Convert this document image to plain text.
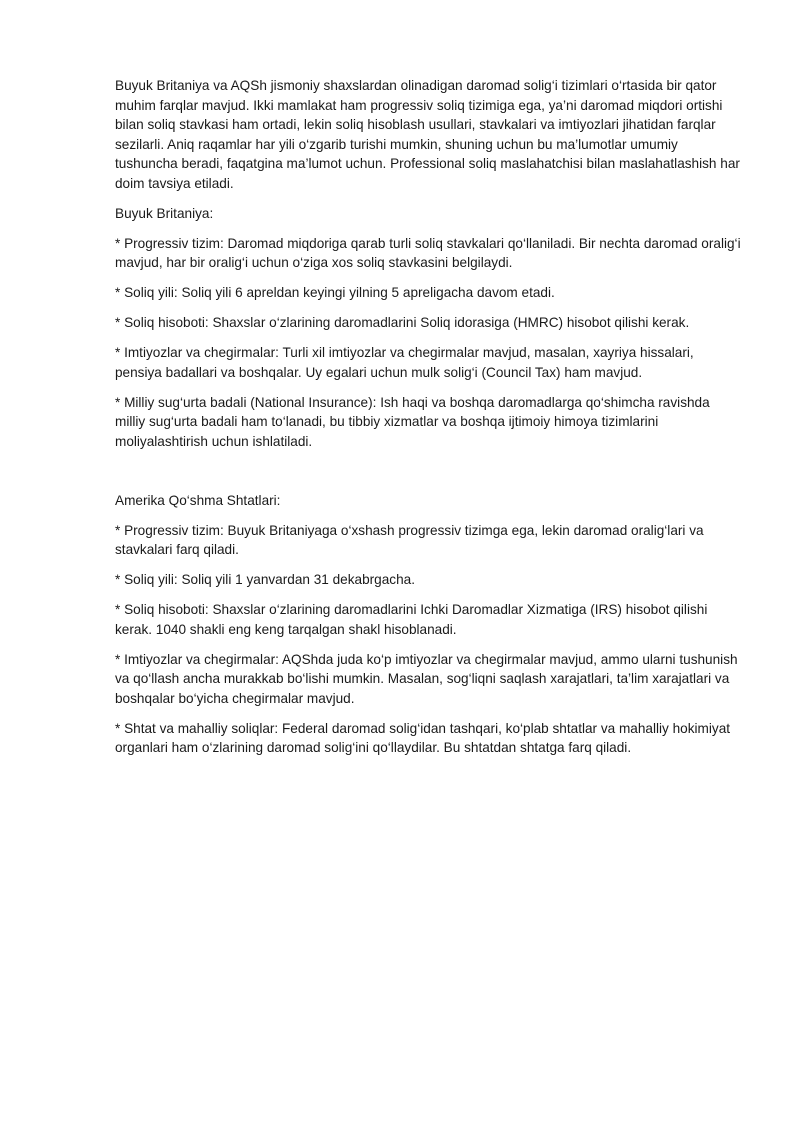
Buyuk Britaniya va AQSh jismoniy shaxslardan olinadigan daromad solig‘i tizimlari o‘rtasida bir qator muhim farqlar mavjud. Ikki mamlakat ham progressiv soliq tizimiga ega, ya’ni daromad miqdori ortishi bilan soliq stavkasi ham ortadi, lekin soliq hisoblash usullari, stavkalari va imtiyozlari jihatidan farqlar sezilarli. Aniq raqamlar har yili o‘zgarib turishi mumkin, shuning uchun bu ma’lumotlar umumiy tushuncha beradi, faqatgina ma’lumot uchun. Professional soliq maslahatchisi bilan maslahatlashish har doim tavsiya etiladi.

Buyuk Britaniya:

* Progressiv tizim: Daromad miqdoriga qarab turli soliq stavkalari qo‘llaniladi. Bir nechta daromad oralig‘i mavjud, har bir oralig‘i uchun o‘ziga xos soliq stavkasini belgilaydi.

* Soliq yili: Soliq yili 6 apreldan keyingi yilning 5 apreligacha davom etadi.

* Soliq hisoboti: Shaxslar o‘zlarining daromadlarini Soliq idorasiga (HMRC) hisobot qilishi kerak.

* Imtiyozlar va chegirmalar: Turli xil imtiyozlar va chegirmalar mavjud, masalan, xayriya hissalari, pensiya badallari va boshqalar. Uy egalari uchun mulk solig‘i (Council Tax) ham mavjud.

* Milliy sug‘urta badali (National Insurance): Ish haqi va boshqa daromadlarga qo‘shimcha ravishda milliy sug‘urta badali ham to‘lanadi, bu tibbiy xizmatlar va boshqa ijtimoiy himoya tizimlarini moliyalashtirish uchun ishlatiladi.

Amerika Qo‘shma Shtatlari:

* Progressiv tizim: Buyuk Britaniyaga o‘xshash progressiv tizimga ega, lekin daromad oralig‘lari va stavkalari farq qiladi.

* Soliq yili: Soliq yili 1 yanvardan 31 dekabrgacha.

* Soliq hisoboti: Shaxslar o‘zlarining daromadlarini Ichki Daromadlar Xizmatiga (IRS) hisobot qilishi kerak. 1040 shakli eng keng tarqalgan shakl hisoblanadi.

* Imtiyozlar va chegirmalar: AQShda juda ko‘p imtiyozlar va chegirmalar mavjud, ammo ularni tushunish va qo‘llash ancha murakkab bo‘lishi mumkin. Masalan, sog‘liqni saqlash xarajatlari, ta’lim xarajatlari va boshqalar bo‘yicha chegirmalar mavjud.

* Shtat va mahalliy soliqlar: Federal daromad solig‘idan tashqari, ko‘plab shtatlar va mahalliy hokimiyat organlari ham o‘zlarining daromad solig‘ini qo‘llaydilar. Bu shtatdan shtatga farq qiladi.
